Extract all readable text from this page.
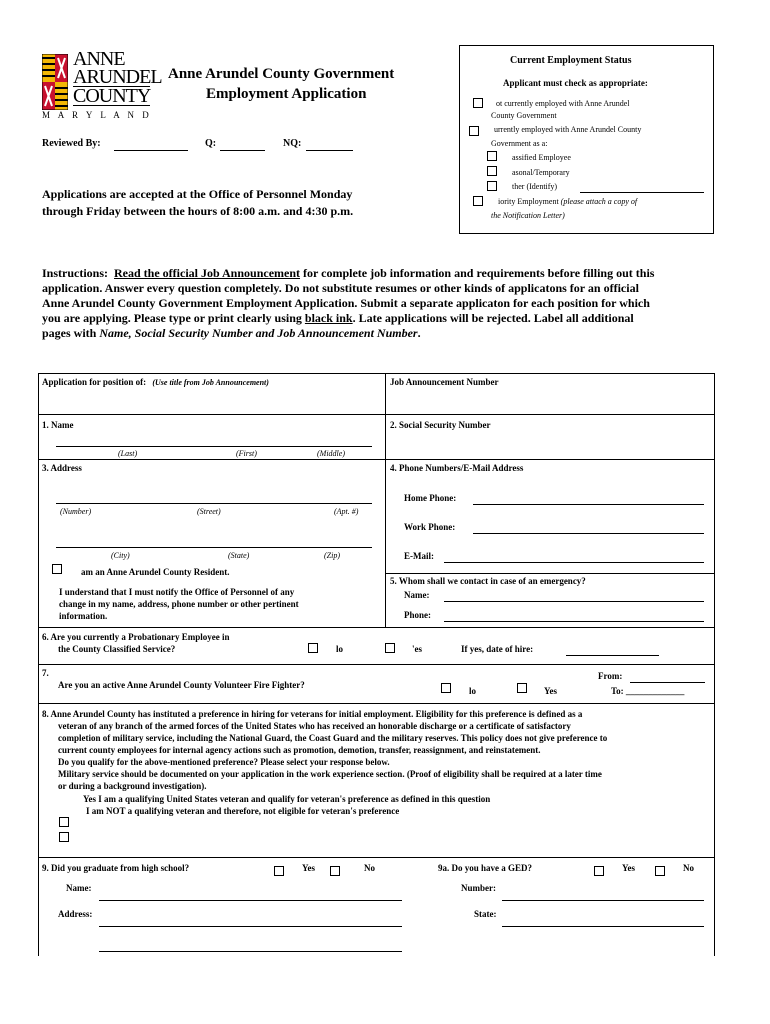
ANNE
ARUNDEL
COUNTY
M A R Y L A N D
Anne Arundel County Government
Employment Application
Current Employment Status
Applicant must check as appropriate:
ot currently employed with Anne Arundel
County Government
urrently employed with Anne Arundel County
Government as a:
assified Employee
asonal/Temporary
ther (Identify)
iority Employment (please attach a copy of
the Notification Letter)
Reviewed By:	Q:	NQ:
Applications are accepted at the Office of Personnel Monday
through Friday between the hours of 8:00 a.m. and 4:30 p.m.
Instructions: Read the official Job Announcement for complete job information and requirements before filling out this
application. Answer every question completely. Do not substitute resumes or other kinds of applicatons for an official
Anne Arundel County Government Employment Application. Submit a separate applicaton for each position for which
you are applying. Please type or print clearly using black ink. Late applications will be rejected. Label all additional
pages with Name, Social Security Number and Job Announcement Number.
Application for position of: (Use title from Job Announcement)	Job Announcement Number
1. Name
(Last)	(First)	(Middle)
2. Social Security Number
3. Address
(Number)	(Street)	(Apt. #)
(City)	(State)	(Zip)
am an Anne Arundel County Resident.
I understand that I must notify the Office of Personnel of any
change in my name, address, phone number or other pertinent
information.
4. Phone Numbers/E-Mail Address
Home Phone:
Work Phone:
E-Mail:
5. Whom shall we contact in case of an emergency?
Name:
Phone:
6. Are you currently a Probationary Employee in
the County Classified Service?	lo	'es	If yes, date of hire:
7.
Are you an active Anne Arundel County Volunteer Fire Fighter?
lo	Yes
From:
To: _____________
8. Anne Arundel County has instituted a preference in hiring for veterans for initial employment. Eligibility for this preference is defined as a
veteran of any branch of the armed forces of the United States who has received an honorable discharge or a certificate of satisfactory
completion of military service, including the National Guard, the Coast Guard and the military reserves. This policy does not give preference to
current county employees for internal agency actions such as promotion, demotion, transfer, reassignment, and reinstatement.
Do you qualify for the above-mentioned preference? Please select your response below.
Military service should be documented on your application in the work experience section. (Proof of eligibility shall be required at a later time
or during a background investigation).
Yes I am a qualifying United States veteran and qualify for veteran's preference as defined in this question
I am NOT a qualifying veteran and therefore, not eligible for veteran's preference
9. Did you graduate from high school?	Yes	No	9a. Do you have a GED?	Yes	No
Name:	Number:
Address:	State:
